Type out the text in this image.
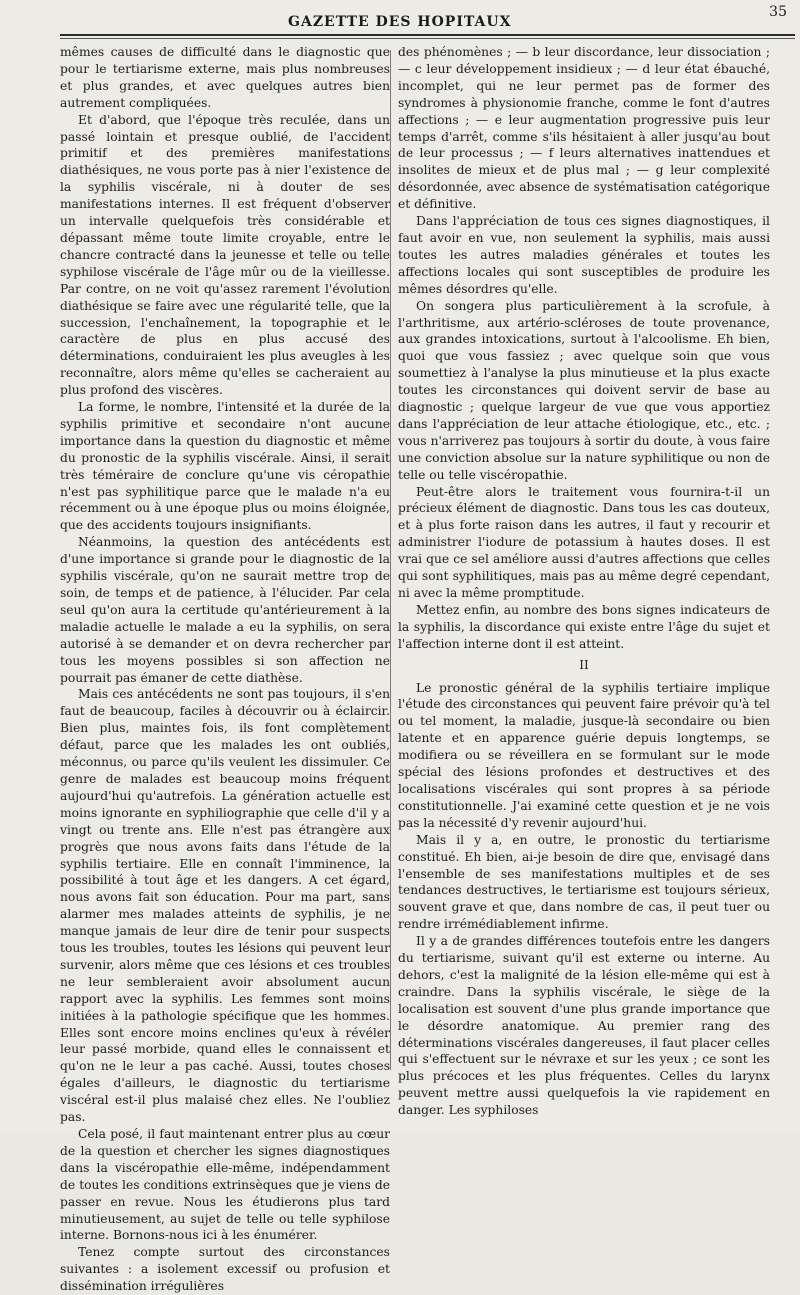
GAZETTE DES HOPITAUX
35

mêmes causes de difficulté dans le diagnostic que pour le tertiarisme externe, mais plus nombreuses et plus grandes, et avec quelques autres bien autrement compliquées.

Et d'abord, que l'époque très reculée, dans un passé lointain et presque oublié, de l'accident primitif et des premières manifestations diathésiques, ne vous porte pas à nier l'existence de la syphilis viscérale, ni à douter de ses manifestations internes. Il est fréquent d'observer un intervalle quelquefois très considérable et dépassant même toute limite croyable, entre le chancre contracté dans la jeunesse et telle ou telle syphilose viscérale de l'âge mûr ou de la vieillesse. Par contre, on ne voit qu'assez rarement l'évolution diathésique se faire avec une régularité telle, que la succession, l'enchaînement, la topographie et le caractère de plus en plus accusé des déterminations, conduiraient les plus aveugles à les reconnaître, alors même qu'elles se cacheraient au plus profond des viscères.

La forme, le nombre, l'intensité et la durée de la syphilis primitive et secondaire n'ont aucune importance dans la question du diagnostic et même du pronostic de la syphilis viscérale. Ainsi, il serait très téméraire de conclure qu'une vis céropathie n'est pas syphilitique parce que le malade n'a eu récemment ou à une époque plus ou moins éloignée, que des accidents toujours insignifiants.

Néanmoins, la question des antécédents est d'une importance si grande pour le diagnostic de la syphilis viscérale, qu'on ne saurait mettre trop de soin, de temps et de patience, à l'élucider. Par cela seul qu'on aura la certitude qu'antérieurement à la maladie actuelle le malade a eu la syphilis, on sera autorisé à se demander et on devra rechercher par tous les moyens possibles si son affection ne pourrait pas émaner de cette diathèse.

Mais ces antécédents ne sont pas toujours, il s'en faut de beaucoup, faciles à découvrir ou à éclaircir. Bien plus, maintes fois, ils font complètement défaut, parce que les malades les ont oubliés, méconnus, ou parce qu'ils veulent les dissimuler. Ce genre de malades est beaucoup moins fréquent aujourd'hui qu'autrefois. La génération actuelle est moins ignorante en syphiliographie que celle d'il y a vingt ou trente ans. Elle n'est pas étrangère aux progrès que nous avons faits dans l'étude de la syphilis tertiaire. Elle en connaît l'imminence, la possibilité à tout âge et les dangers. A cet égard, nous avons fait son éducation. Pour ma part, sans alarmer mes malades atteints de syphilis, je ne manque jamais de leur dire de tenir pour suspects tous les troubles, toutes les lésions qui peuvent leur survenir, alors même que ces lésions et ces troubles ne leur sembleraient avoir absolument aucun rapport avec la syphilis. Les femmes sont moins initiées à la pathologie spécifique que les hommes. Elles sont encore moins enclines qu'eux à révéler leur passé morbide, quand elles le connaissent et qu'on ne le leur a pas caché. Aussi, toutes choses égales d'ailleurs, le diagnostic du tertiarisme viscéral est-il plus malaisé chez elles. Ne l'oubliez pas.

Cela posé, il faut maintenant entrer plus au cœur de la question et chercher les signes diagnostiques dans la viscéropathie elle-même, indépendamment de toutes les conditions extrinsèques que je viens de passer en revue. Nous les étudierons plus tard minutieusement, au sujet de telle ou telle syphilose interne. Bornons-nous ici à les énumérer.

Tenez compte surtout des circonstances suivantes : a isolement excessif ou profusion et dissémination irrégulières

des phénomènes ; — b leur discordance, leur dissociation ; — c leur développement insidieux ; — d leur état ébauché, incomplet, qui ne leur permet pas de former des syndromes à physionomie franche, comme le font d'autres affections ; — e leur augmentation progressive puis leur temps d'arrêt, comme s'ils hésitaient à aller jusqu'au bout de leur processus ; — f leurs alternatives inattendues et insolites de mieux et de plus mal ; — g leur complexité désordonnée, avec absence de systématisation catégorique et définitive.

Dans l'appréciation de tous ces signes diagnostiques, il faut avoir en vue, non seulement la syphilis, mais aussi toutes les autres maladies générales et toutes les affections locales qui sont susceptibles de produire les mêmes désordres qu'elle.

On songera plus particulièrement à la scrofule, à l'arthritisme, aux artério-scléroses de toute provenance, aux grandes intoxications, surtout à l'alcoolisme. Eh bien, quoi que vous fassiez ; avec quelque soin que vous soumettiez à l'analyse la plus minutieuse et la plus exacte toutes les circonstances qui doivent servir de base au diagnostic ; quelque largeur de vue que vous apportiez dans l'appréciation de leur attache étiologique, etc., etc. ; vous n'arriverez pas toujours à sortir du doute, à vous faire une conviction absolue sur la nature syphilitique ou non de telle ou telle viscéropathie.

Peut-être alors le traitement vous fournira-t-il un précieux élément de diagnostic. Dans tous les cas douteux, et à plus forte raison dans les autres, il faut y recourir et administrer l'iodure de potassium à hautes doses. Il est vrai que ce sel améliore aussi d'autres affections que celles qui sont syphilitiques, mais pas au même degré cependant, ni avec la même promptitude.

Mettez enfin, au nombre des bons signes indicateurs de la syphilis, la discordance qui existe entre l'âge du sujet et l'affection interne dont il est atteint.

II

Le pronostic général de la syphilis tertiaire implique l'étude des circonstances qui peuvent faire prévoir qu'à tel ou tel moment, la maladie, jusque-là secondaire ou bien latente et en apparence guérie depuis longtemps, se modifiera ou se réveillera en se formulant sur le mode spécial des lésions profondes et destructives et des localisations viscérales qui sont propres à sa période constitutionnelle. J'ai examiné cette question et je ne vois pas la nécessité d'y revenir aujourd'hui.

Mais il y a, en outre, le pronostic du tertiarisme constitué. Eh bien, ai-je besoin de dire que, envisagé dans l'ensemble de ses manifestations multiples et de ses tendances destructives, le tertiarisme est toujours sérieux, souvent grave et que, dans nombre de cas, il peut tuer ou rendre irrémédiablement infirme.

Il y a de grandes différences toutefois entre les dangers du tertiarisme, suivant qu'il est externe ou interne. Au dehors, c'est la malignité de la lésion elle-même qui est à craindre. Dans la syphilis viscérale, le siège de la localisation est souvent d'une plus grande importance que le désordre anatomique. Au premier rang des déterminations viscérales dangereuses, il faut placer celles qui s'effectuent sur le névraxe et sur les yeux ; ce sont les plus précoces et les plus fréquentes. Celles du larynx peuvent mettre aussi quelquefois la vie rapidement en danger. Les syphiloses
